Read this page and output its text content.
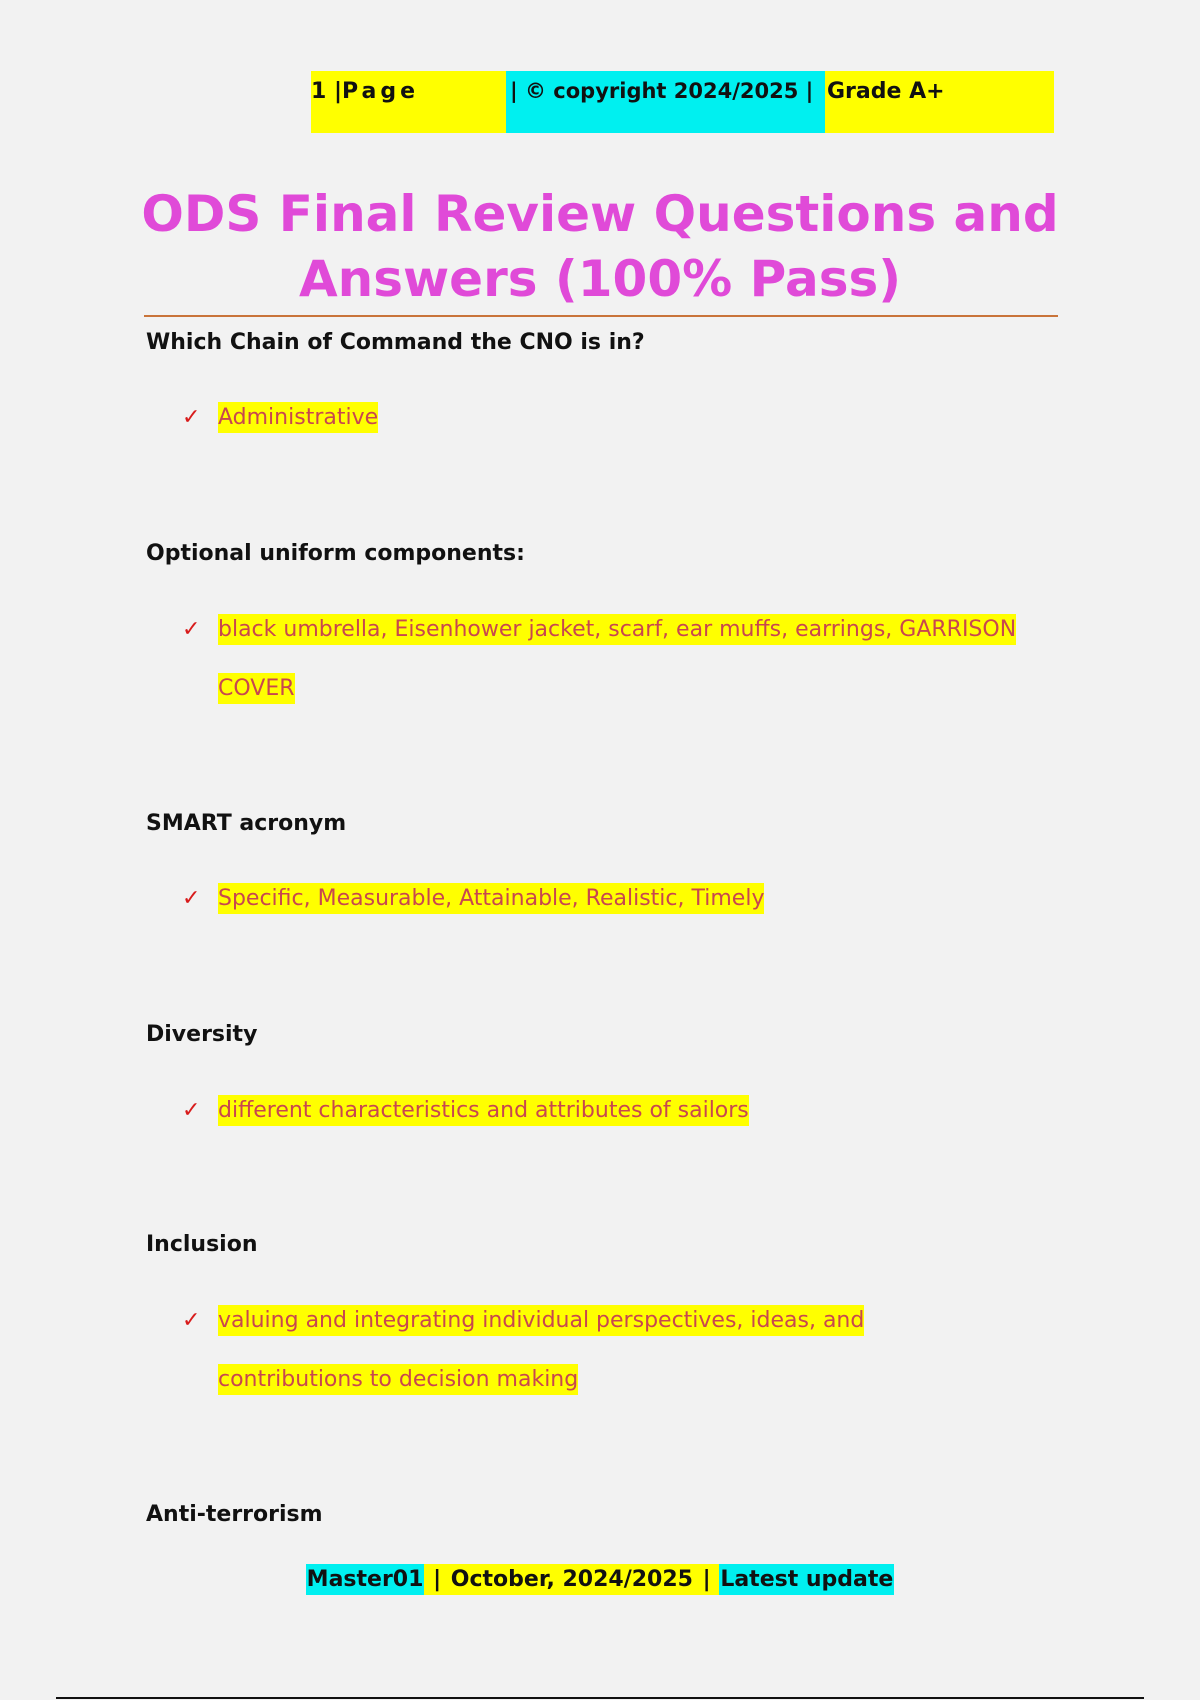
1 | Page	| © copyright 2024/2025 | Grade A+
ODS Final Review Questions and
Answers (100% Pass)
Which Chain of Command the CNO is in?
✓ Administrative
Optional uniform components:
✓ black umbrella, Eisenhower jacket, scarf, ear muffs, earrings, GARRISON
COVER
SMART acronym
✓ Specific, Measurable, Attainable, Realistic, Timely
Diversity
✓ different characteristics and attributes of sailors
Inclusion
✓ valuing and integrating individual perspectives, ideas, and
contributions to decision making
Anti-terrorism
Master01 | October, 2024/2025 | Latest update
